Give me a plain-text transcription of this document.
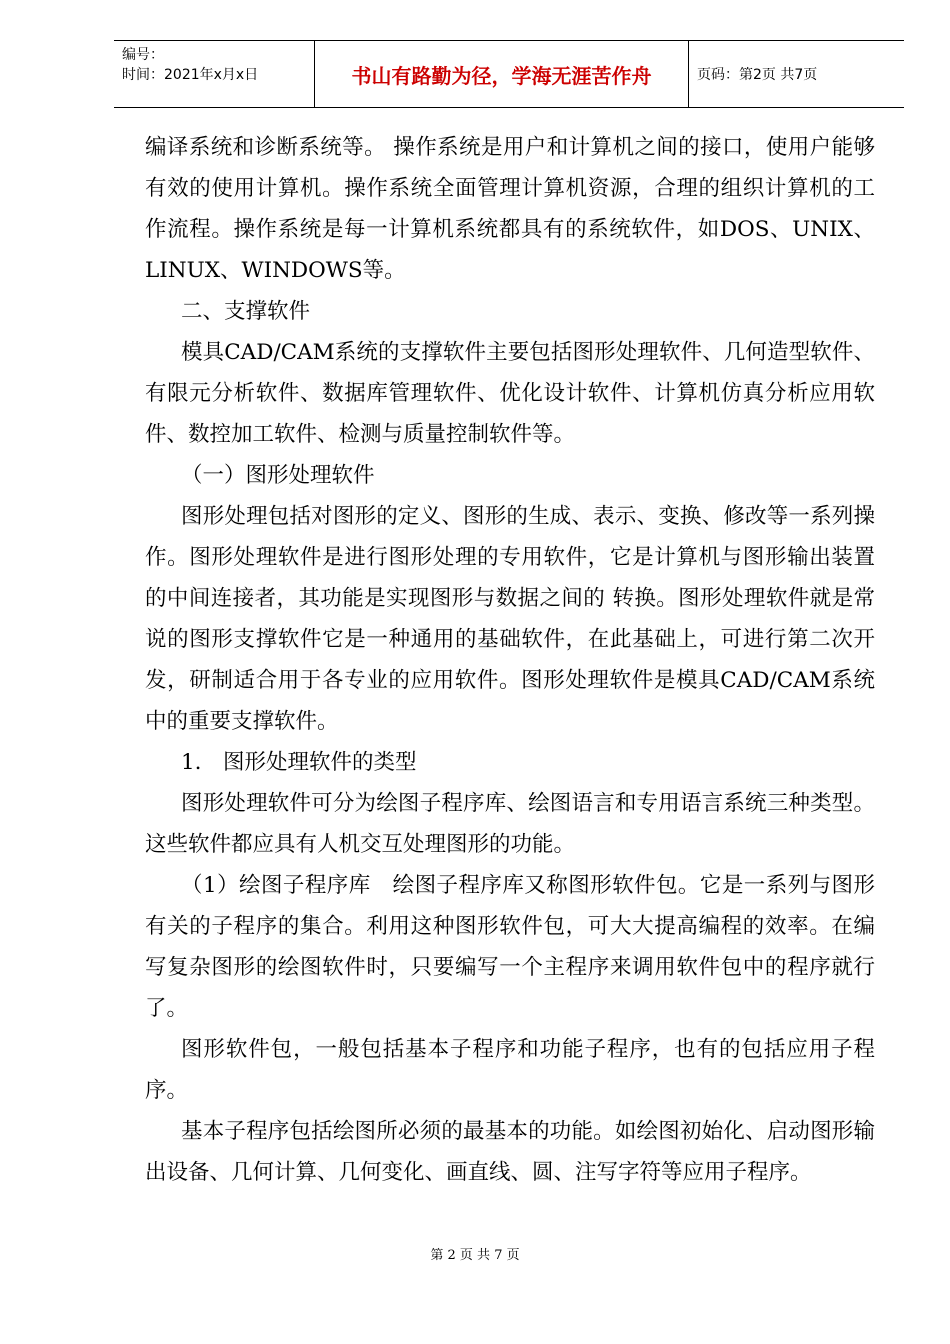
编号：
时间：2021年x月x日	书山有路勤为径，学海无涯苦作舟	页码：第2页 共7页

编译系统和诊断系统等。 操作系统是用户和计算机之间的接口，使用户能够有效的使用计算机。操作系统全面管理计算机资源，合理的组织计算机的工作流程。操作系统是每一计算机系统都具有的系统软件，如DOS、UNIX、LINUX、WINDOWS等。

二、支撑软件

模具CAD/CAM系统的支撑软件主要包括图形处理软件、几何造型软件、有限元分析软件、数据库管理软件、优化设计软件、计算机仿真分析应用软件、数控加工软件、检测与质量控制软件等。

（一）图形处理软件

图形处理包括对图形的定义、图形的生成、表示、变换、修改等一系列操作。图形处理软件是进行图形处理的专用软件，它是计算机与图形输出装置的中间连接者，其功能是实现图形与数据之间的 转换。图形处理软件就是常说的图形支撑软件它是一种通用的基础软件，在此基础上，可进行第二次开发，研制适合用于各专业的应用软件。图形处理软件是模具CAD/CAM系统中的重要支撑软件。

1.　图形处理软件的类型

图形处理软件可分为绘图子程序库、绘图语言和专用语言系统三种类型。这些软件都应具有人机交互处理图形的功能。

（1）绘图子程序库　绘图子程序库又称图形软件包。它是一系列与图形有关的子程序的集合。利用这种图形软件包，可大大提高编程的效率。在编写复杂图形的绘图软件时，只要编写一个主程序来调用软件包中的程序就行了。

图形软件包，一般包括基本子程序和功能子程序，也有的包括应用子程序。

基本子程序包括绘图所必须的最基本的功能。如绘图初始化、启动图形输出设备、几何计算、几何变化、画直线、圆、注写字符等应用子程序。

第 2 页 共 7 页
